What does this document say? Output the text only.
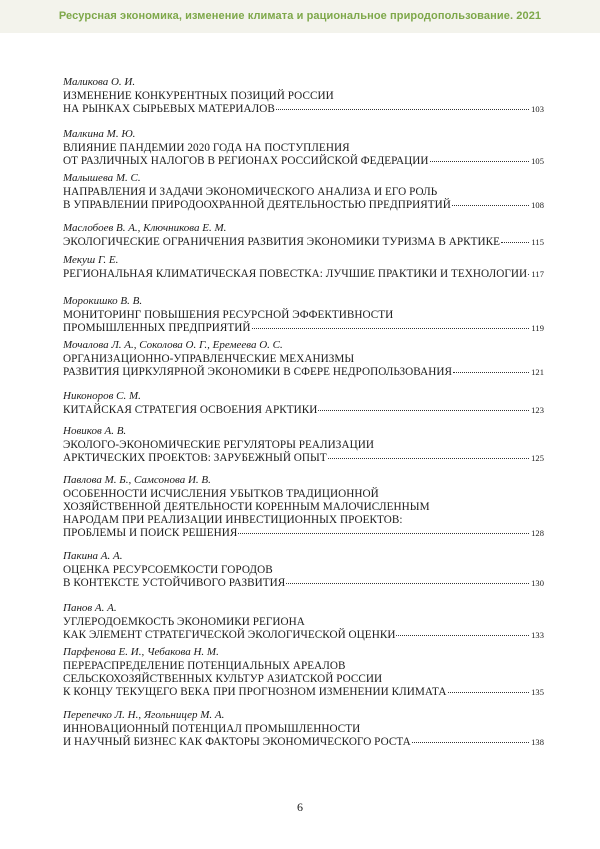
Ресурсная экономика, изменение климата и рациональное природопользование. 2021
Маликова О. И.
ИЗМЕНЕНИЕ КОНКУРЕНТНЫХ ПОЗИЦИЙ РОССИИ
НА РЫНКАХ СЫРЬЕВЫХ МАТЕРИАЛОВ	103
Малкина М. Ю.
ВЛИЯНИЕ ПАНДЕМИИ 2020 ГОДА НА ПОСТУПЛЕНИЯ
ОТ РАЗЛИЧНЫХ НАЛОГОВ В РЕГИОНАХ РОССИЙСКОЙ ФЕДЕРАЦИИ	105
Малышева М. С.
НАПРАВЛЕНИЯ И ЗАДАЧИ ЭКОНОМИЧЕСКОГО АНАЛИЗА И ЕГО РОЛЬ
В УПРАВЛЕНИИ ПРИРОДООХРАННОЙ ДЕЯТЕЛЬНОСТЬЮ ПРЕДПРИЯТИЙ	108
Маслобоев В. А., Ключникова Е. М.
ЭКОЛОГИЧЕСКИЕ ОГРАНИЧЕНИЯ РАЗВИТИЯ ЭКОНОМИКИ ТУРИЗМА В АРКТИКЕ	115
Мекуш Г. Е.
РЕГИОНАЛЬНАЯ КЛИМАТИЧЕСКАЯ ПОВЕСТКА: ЛУЧШИЕ ПРАКТИКИ И ТЕХНОЛОГИИ 117
Морокишко В. В.
МОНИТОРИНГ ПОВЫШЕНИЯ РЕСУРСНОЙ ЭФФЕКТИВНОСТИ
ПРОМЫШЛЕННЫХ ПРЕДПРИЯТИЙ	119
Мочалова Л. А., Соколова О. Г., Еремеева О. С.
ОРГАНИЗАЦИОННО-УПРАВЛЕНЧЕСКИЕ МЕХАНИЗМЫ
РАЗВИТИЯ ЦИРКУЛЯРНОЙ ЭКОНОМИКИ В СФЕРЕ НЕДРОПОЛЬЗОВАНИЯ	121
Никоноров С. М.
КИТАЙСКАЯ СТРАТЕГИЯ ОСВОЕНИЯ АРКТИКИ	123
Новиков А. В.
ЭКОЛОГО-ЭКОНОМИЧЕСКИЕ РЕГУЛЯТОРЫ РЕАЛИЗАЦИИ
АРКТИЧЕСКИХ ПРОЕКТОВ: ЗАРУБЕЖНЫЙ ОПЫТ	125
Павлова М. Б., Самсонова И. В.
ОСОБЕННОСТИ ИСЧИСЛЕНИЯ УБЫТКОВ ТРАДИЦИОННОЙ
ХОЗЯЙСТВЕННОЙ ДЕЯТЕЛЬНОСТИ КОРЕННЫМ МАЛОЧИСЛЕННЫМ
НАРОДАМ ПРИ РЕАЛИЗАЦИИ ИНВЕСТИЦИОННЫХ ПРОЕКТОВ:
ПРОБЛЕМЫ И ПОИСК РЕШЕНИЯ	128
Пакина А. А.
ОЦЕНКА РЕСУРСОЕМКОСТИ ГОРОДОВ
В КОНТЕКСТЕ УСТОЙЧИВОГО РАЗВИТИЯ	130
Панов А. А.
УГЛЕРОДОЕМКОСТЬ ЭКОНОМИКИ РЕГИОНА
КАК ЭЛЕМЕНТ СТРАТЕГИЧЕСКОЙ ЭКОЛОГИЧЕСКОЙ ОЦЕНКИ	133
Парфенова Е. И., Чебакова Н. М.
ПЕРЕРАСПРЕДЕЛЕНИЕ ПОТЕНЦИАЛЬНЫХ АРЕАЛОВ
СЕЛЬСКОХОЗЯЙСТВЕННЫХ КУЛЬТУР АЗИАТСКОЙ РОССИИ
К КОНЦУ ТЕКУЩЕГО ВЕКА ПРИ ПРОГНОЗНОМ ИЗМЕНЕНИИ КЛИМАТА	135
Перепечко Л. Н., Ягольницер М. А.
ИННОВАЦИОННЫЙ ПОТЕНЦИАЛ ПРОМЫШЛЕННОСТИ
И НАУЧНЫЙ БИЗНЕС КАК ФАКТОРЫ ЭКОНОМИЧЕСКОГО РОСТА	138
6
